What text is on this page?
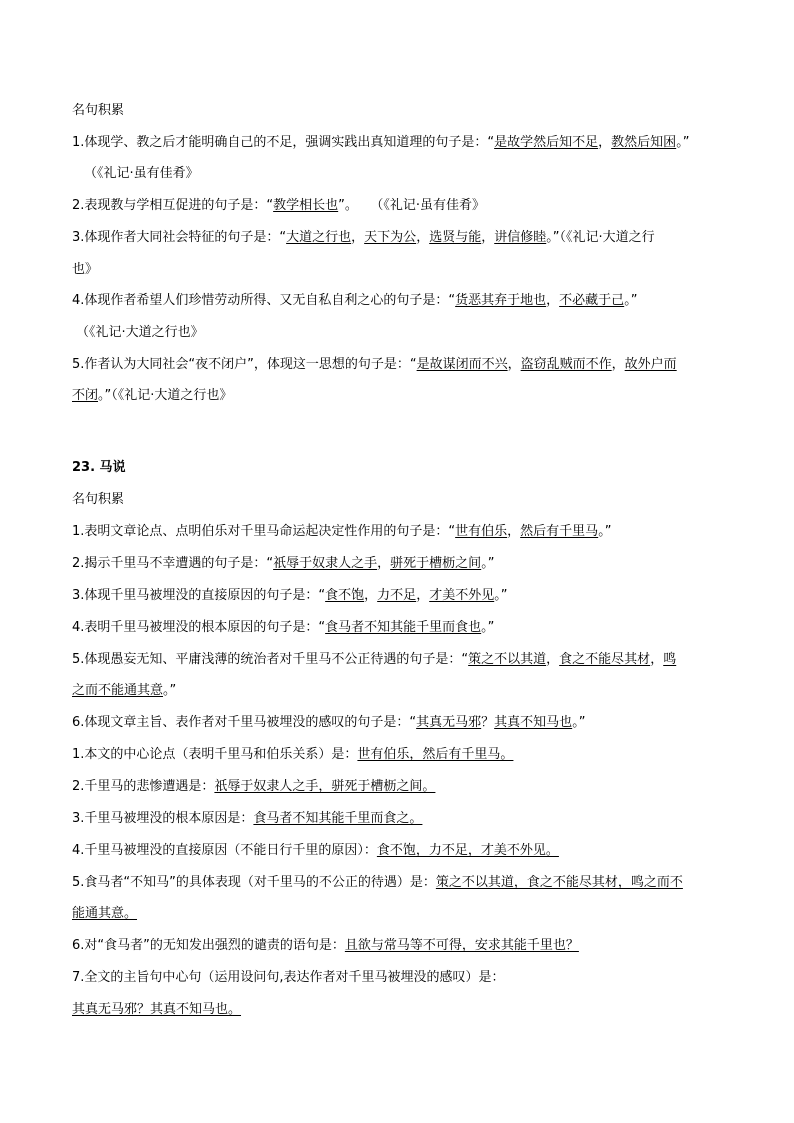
名句积累
1.体现学、教之后才能明确自己的不足，强调实践出真知道理的句子是：“是故学然后知不足，教然后知困。”
（《礼记·虽有佳肴》
2.表现教与学相互促进的句子是：“教学相长也”。 （《礼记·虽有佳肴》
3.体现作者大同社会特征的句子是：“大道之行也，天下为公，选贤与能，讲信修睦。”（《礼记·大道之行
也》
4.体现作者希望人们珍惜劳动所得、又无自私自利之心的句子是：“货恶其弃于地也，不必藏于己。”
（《礼记·大道之行也》
5.作者认为大同社会“夜不闭户”，体现这一思想的句子是：“是故谋闭而不兴，盗窃乱贼而不作，故外户而
不闭。”（《礼记·大道之行也》
23. 马说
名句积累
1.表明文章论点、点明伯乐对千里马命运起决定性作用的句子是：“世有伯乐，然后有千里马。”
2.揭示千里马不幸遭遇的句子是：“祇辱于奴隶人之手，骈死于槽枥之间。”
3.体现千里马被埋没的直接原因的句子是：“食不饱，力不足，才美不外见。”
4.表明千里马被埋没的根本原因的句子是：“食马者不知其能千里而食也。”
5.体现愚妄无知、平庸浅薄的统治者对千里马不公正待遇的句子是：“策之不以其道，食之不能尽其材，鸣
之而不能通其意。”
6.体现文章主旨、表作者对千里马被埋没的感叹的句子是：“其真无马邪？其真不知马也。”
1.本文的中心论点（表明千里马和伯乐关系）是：世有伯乐，然后有千里马。
2.千里马的悲惨遭遇是：祇辱于奴隶人之手，骈死于槽枥之间。
3.千里马被埋没的根本原因是：食马者不知其能千里而食之。
4.千里马被埋没的直接原因（不能日行千里的原因）：食不饱，力不足，才美不外见。
5.食马者“不知马”的具体表现（对千里马的不公正的待遇）是：策之不以其道，食之不能尽其材，鸣之而不
能通其意。
6.对“食马者”的无知发出强烈的谴责的语句是：且欲与常马等不可得，安求其能千里也？
7.全文的主旨句中心句（运用设问句,表达作者对千里马被埋没的感叹）是：
其真无马邪？其真不知马也。
